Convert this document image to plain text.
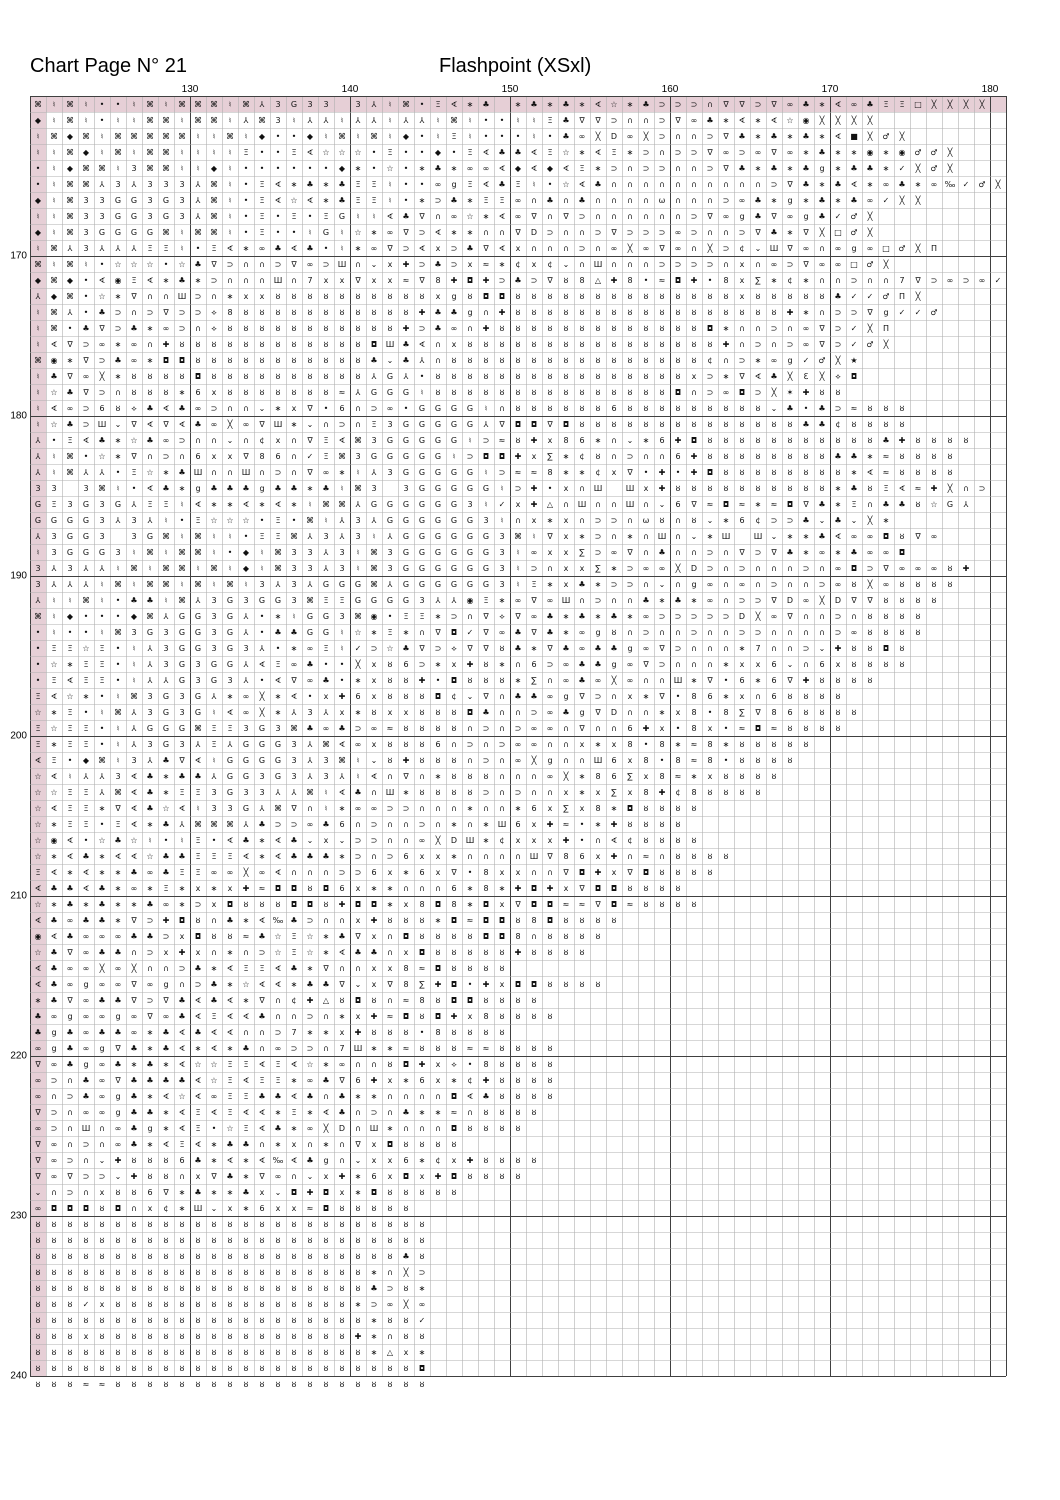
Chart Page N° 21	Flashpoint (XSxl)
130	140	150	160	170	180
170
180
190
200
210
220
230
240
⌘ ♮ ⌘ ♮ • • ♮ ⌘ ♮ ⌘ ⌘ ⌘ ♮ ⌘ ⅄ 3 G 3 3	3 ⅄ ♮ ⌘ • Ξ ∢ ∗ ♣	∗ ♣ ∗ ♣ ∗ ∢ ☆ ∗ ♣ ⊃ ⊃ ⊃ ∩ ∇ ∇ ⊃ ∇ ∞ ♣ ∗ ∢ ∞ ♣ Ξ Ξ □ ╳ ╳ ╳ ╳
◆ ♮ ⌘ ♮ • ♮ ♮ ⌘ ⌘ ♮ ⌘ ⌘ ♮ ⅄ ⌘ 3 ♮ ⅄ ⅄ ♮ ⅄ ⅄ ♮ ⅄ ⅄ ♮ ⌘ ♮ • • ♮ ♮ Ξ ♣ ∇ ∇ ⊃ ∩ ∩ ⊃ ∇ ∞ ♣ ∗ ∢ ∗ ∢ ☆ ◉ ╳ ╳ ╳ ╳
♮ ⌘ ◆ ⌘ ♮ ⌘ ⌘ ⌘ ⌘ ⌘ ♮ ♮ ⌘ ♮ ◆ • • ◆ ♮ ⌘ ♮ ⌘ ♮ ◆ • ♮ Ξ ♮ • • • ♮ • ♣ ∞ ╳ D ∞ ╳ ⊃ ∩ ∩ ⊃ ∇ ♣ ∗ ♣ ∗ ♣ ∗ ∢ ■ ╳ ♂ ╳
♮ ♮ ⌘ ◆ ♮ ⌘ ♮ ⌘ ⌘ ♮ ♮ ♮ ♮ Ξ • • Ξ ∢ ☆ ☆ ☆ • Ξ • • ◆ • Ξ ∢ ♣ ♣ ∢ Ξ ☆ ∗ ∢ Ξ ∗ ⊃ ∩ ⊃ ⊃ ∇ ∞ ⊃ ∞ ∇ ∞ ∗ ♣ ∗ ∗ ◉ ∗ ◉ ♂ ♂ ╳
• ♮ ◆ ⌘ ⌘ ♮ 3 ⌘ ⌘ ♮ ♮ ◆ ♮ • • • • • • ◆ ∗ • ☆ • ∗ ♣ ∗ ∞ ∞ ∢ ◆ ∢ ◆ ∢ Ξ ∗ ⊃ ∩ ⊃ ⊃ ∩ ∩ ⊃ ∇ ♣ ∗ ♣ ∗ ♣ g ∗ ♣ ♣ ∗ ✓ ╳ ♂ ╳
• ♮ ⌘ ⌘ ⅄ 3 ⅄ 3 3 3 ⅄ ⌘ ♮ • Ξ ∢ ∗ ♣ ∗ ♣ Ξ Ξ ♮ • • ∞ g Ξ ∢ ♣ Ξ ♮ • ☆ ∢ ♣ ∩ ∩ ∩ ∩ ∩ ∩ ∩ ∩ ∩ ∩ ⊃ ∇ ♣ ∗ ♣ ∢ ∗ ∞ ♣ ∗ ∞ ‰ ✓ ♂ ╳
◆ ♮ ⌘ 3 3 G G 3 G 3 ⅄ ⌘ ♮ • Ξ ∢ ☆ ∢ ∗ ♣ Ξ Ξ ♮ • ∗ ⊃ ♣ ∗ Ξ Ξ ∞ ∩ ♣ ∩ ♣ ∩ ∩ ∩ ∩ ω ∩ ∩ ∩ ⊃ ∞ ♣ ∗ g ∗ ♣ ∗ ♣ ∞ ✓ ╳ ╳
♮ ♮ ⌘ 3 3 G G 3 G 3 ⅄ ⌘ ♮ • Ξ • Ξ • Ξ G ♮ ♮ ∢ ♣ ∇ ∩ ∞ ☆ ∗ ∢ ∞ ∇ ∩ ∇ ⊃ ∩ ∩ ∩ ∩ ∩ ∩ ⊃ ∇ ∞ g ♣ ∇ ∞ g ♣ ✓ ♂ ╳
◆ ♮ ⌘ 3 G G G G ⌘ ♮ ⌘ ⌘ ♮ • Ξ • • ♮ G ♮ ☆ ∗ ∞ ∇ ⊃ ∢ ∗ ∗ ∩ ∩ ∇ D ⊃ ∩ ∩ ⊃ ∇ ⊃ ⊃ ⊃ ∞ ⊃ ∩ ∩ ⊃ ∇ ♣ ∗ ∇ ╳ □ ♂ ╳
♮ ⌘ ⅄ 3 ⅄ ⅄ ⅄ Ξ Ξ ♮ • Ξ ∢ ∗ ∞ ♣ ∢ ♣ • ♮ ∗ ∞ ∇ ⊃ ∢ x ⊃ ♣ ∇ ∢ x ∩ ∩ ∩ ⊃ ∩ ∞ ╳ ∞ ∇ ∞ ∩ ╳ ⊃ ¢ ⌄ Ш ∇ ∞ ∩ ∞ g ∞ □ ♂ ╳ Π
⌘ ♮ ⌘ ♮ • ☆ ☆ ☆ • ☆ ♣ ∇ ⊃ ∩ ∩ ⊃ ∇ ∞ ⊃ Ш ∩ ⌄ x ✚ ⊃ ♣ ⊃ x ≈ ∗ ¢ x ¢ ⌄ ∩ Ш ∩ ∩ ∩ ⊃ ⊃ ⊃ ⊃ ∩ x ∩ ∞ ⊃ ∇ ∞ ∞ □ ♂ ╳
◆ ⌘ ◆ • ∢ ◉ Ξ ∢ ∗ ♣ ∗ ⊃ ∩ ∩ ∩ Ш ∩ 7 x x ∇ x x ≈ ∇ 8 ✚ ◘ ✚ ⊃ ♣ ⊃ ∇ ȣ 8 △ ✚ 8 • ≈ ◘ ✚ • 8 x ∑ ∗ ¢ ∗ ∩ ∩ ⊃ ∩ ∩ 7 ∇ ⊃ ∞ ⊃ ∞ ✓
⅄ ◆ ⌘ • ☆ ∗ ∇ ∩ ∩ Ш ⊃ ∩ ∗ x x ȣ ȣ ȣ ȣ ȣ ȣ ȣ ȣ ȣ ȣ x g ȣ ◘ ◘ ȣ ȣ ȣ ȣ ȣ ȣ ȣ ȣ ȣ ȣ ȣ ȣ ȣ ȣ x ȣ ȣ ȣ ȣ ȣ ♣ ✓ ✓ ♂ Π ╳
♮ ⌘ ⅄ • ♣ ⊃ ∩ ⊃ ∇ ⊃ ⊃ ⟡ 8 ȣ ȣ ȣ ȣ ȣ ȣ ȣ ȣ ȣ ȣ ȣ ✚ ♣ ♣ g ∩ ✚ ȣ ȣ ȣ ȣ ȣ ȣ ȣ ȣ ȣ ȣ ȣ ȣ ȣ ȣ ȣ ȣ ȣ ✚ ∗ ∩ ⊃ ⊃ ∇ g ✓ ✓ ♂
♮ ⌘ • ♣ ∇ ⊃ ♣ ∗ ∞ ⊃ ∩ ⟡ ȣ ȣ ȣ ȣ ȣ ȣ ȣ ȣ ȣ ȣ ȣ ✚ ⊃ ♣ ∞ ∩ ✚ ȣ ȣ ȣ ȣ ȣ ȣ ȣ ȣ ȣ ȣ ȣ ȣ ȣ ◘ ∗ ∩ ∩ ⊃ ∩ ∞ ∇ ⊃ ✓ ╳ Π
♮ ∢ ∇ ⊃ ∞ ∗ ∞ ∩ ✚ ȣ ȣ ȣ ȣ ȣ ȣ ȣ ȣ ȣ ȣ ȣ ȣ ◘ Ш ♣ ∢ ∩ x ȣ ȣ ȣ ȣ ȣ ȣ ȣ ȣ ȣ ȣ ȣ ȣ ȣ ȣ ȣ ȣ ✚ ∩ ⊃ ∩ ⊃ ∞ ∇ ⊃ ✓ ♂ ╳
⌘ ◉ ∗ ∇ ⊃ ♣ ∞ ∗ ◘ ◘ ȣ ȣ ȣ ȣ ȣ ȣ ȣ ȣ ȣ ȣ ȣ ♣ ⌄ ♣ ⅄ ∩ ȣ ȣ ȣ ȣ ȣ ȣ ȣ ȣ ȣ ȣ ȣ ȣ ȣ ȣ ȣ ȣ ¢ ∩ ⊃ ∗ ∞ g ✓ ♂ ╳ ★
♮ ♣ ∇ ∞ ╳ ∗ ȣ ȣ ȣ ȣ ◘ ȣ ȣ ȣ ȣ ȣ ȣ ȣ ȣ ȣ ȣ ⅄ G ⅄ • ȣ ȣ ȣ ȣ ȣ ȣ ȣ ȣ ȣ ȣ ȣ ȣ ȣ ȣ ȣ ȣ x ⊃ ∗ ∇ ∢ ♣ ╳ ℇ ╳ ⟡ ◘
♮ ☆ ♣ ∇ ⊃ ∩ ȣ ȣ ȣ ∗ 6 x ȣ ȣ ȣ ȣ ȣ ȣ ȣ ≈ ⅄ G G G ♮ ȣ ȣ ȣ ȣ ȣ ȣ ȣ ȣ ȣ ȣ ȣ ȣ ȣ ȣ ȣ ◘ ∩ ⊃ ∞ ◘ ⊃ ╳ ✶ ✚ ȣ ȣ
♮ ∢ ∞ ⊃ 6 ȣ ⟡ ♣ ∢ ♣ ∞ ⊃ ∩ ∩ ⌄ ∗ x ∇ • 6 ∩ ⊃ ∞ • G G G G ♮ ∩ ȣ ȣ ȣ ȣ ȣ ȣ 6 ȣ ȣ ȣ ȣ ȣ ȣ ȣ ȣ ȣ ⌄ ♣ • ♣ ⊃ ≈ ȣ ȣ ȣ
♮ ☆ ♣ ⊃ Ш ⌄ ∇ ∢ ∇ ∢ ♣ ∞ ╳ ∞ ∇ Ш ∗ ⌄ ∩ ⊃ ∩ Ξ 3 G G G G G ⅄ ∇ ◘ ◘ ∇ ◘ ȣ ȣ ȣ ȣ ȣ ȣ ȣ ȣ ȣ ȣ ȣ ȣ ȣ ȣ ♣ ♣ ¢ ȣ ȣ ȣ ȣ
⅄ • Ξ ∢ ♣ ∗ ☆ ♣ ∞ ⊃ ∩ ∩ ⌄ ∩ ¢ x ∩ ∇ Ξ ∢ ⌘ 3 G G G G G ♮ ⊃ ≈ ȣ ✚ x 8 6 ∗ ∩ ⌄ ∗ 6 ✚ ◘ ȣ ȣ ȣ ȣ ȣ ȣ ȣ ȣ ȣ ȣ ȣ ♣ ✚ ȣ ȣ ȣ ȣ
⅄ ♮ ⌘ • ☆ ∗ ∇ ∩ ⊃ ∩ 6 x x ∇ 8 6 ∩ ✓ Ξ ⌘ 3 G G G G G ♮ ⊃ ◘ ◘ ✚ x ∑ ∗ ¢ ȣ ∩ ⊃ ∩ ∩ 6 ✚ ȣ ȣ ȣ ȣ ȣ ȣ ȣ ȣ ♣ ♣ ∗ ≈ ȣ ȣ ȣ ȣ
⅄ ♮ ⌘ ⅄ ⅄ • Ξ ☆ ∗ ♣ Ш ∩ ∩ Ш ∩ ⊃ ∩ ∇ ∞ ∗ ♮ ⅄ 3 G G G G G ♮ ⊃ ≈ ≈ 8 ∗ ∗ ¢ x ∇ • ✚ • ✚ ◘ ȣ ȣ ȣ ȣ ȣ ȣ ȣ ȣ ∗ ∢ ≈ ȣ ȣ ȣ ȣ
3 3	3 ⌘ ♮ • ∢ ♣ ∗ g ♣ ♣ ♣ g ♣ ♣ ∗ ♣ ♮ ⌘ 3	3 G G G G G ♮ ⊃ ✚ • x ∩ Ш	Ш x ✚ ȣ ȣ ȣ ȣ ȣ ȣ ȣ ȣ ȣ ȣ ∗ ♣ ȣ Ξ ∢ ≈ ✚ ╳ ∩ ⊃
G Ξ 3 G 3 G ⅄ Ξ Ξ ♮ ∢ ∗ ∗ ∢ ∗ ∢ ∗ ♮ ⌘ ⌘ ⅄ G G G G G G 3 ♮ ✓ x ✚ △ ∩ Ш ∩ ∩ Ш ∩ ⌄ 6 ∇ ≈ ◘ ≈ ∗ ≈ ◘ ∇ ♣ ∗ Ξ ∩ ♣ ♣ ȣ ☆ G ⅄
G G G G 3 ⅄ 3 ⅄ ♮ • Ξ ☆ ☆ ☆ • Ξ • ⌘ ♮ ⅄ 3 ⅄ G G G G G G 3 ♮ ∩ x ∗ x ∩ ⊃ ⊃ ∩ ω ȣ ∩ ȣ ⌄ ∗ 6 ¢ ⊃ ⊃ ♣ ⌄ ♣ ⌄ ╳ ∗
⅄ 3 G G 3	3 G ⌘ ♮ ⌘ ♮ ♮ • Ξ Ξ ⌘ ⅄ 3 ⅄ 3 ♮ ⅄ G G G G G G 3 ⌘ ♮ ∇ x ∗ ⊃ ∩ ∗ ∩ Ш ∩ ⌄ ∗ Ш	Ш ⌄ ∗ ∗ ♣ ∢ ∞ ∞ ◘ ȣ ∇ ∞
♮ 3 G G G 3 ♮ ⌘ ♮ ⌘ ⌘ ♮ • ◆ ♮ ⌘ 3 3 ⅄ 3 ♮ ⌘ 3 G G G G G G 3 ♮ ∞ x x ∑ ⊃ ∞ ∇ ∩ ♣ ∩ ∩ ⊃ ∩ ∇ ⊃ ∇ ♣ ∗ ∞ ∗ ♣ ∞ ∞ ◘
3 ⅄ 3 ⅄ ⅄ ♮ ⌘ ♮ ⌘ ⌘ ♮ ⌘ ♮ ◆ ♮ ⌘ 3 3 ⅄ 3 ♮ ⌘ 3 G G G G G G 3 ♮ ⊃ ∩ x x ∑ ∗ ⊃ ∞ ∞ ╳ D ⊃ ∩ ⊃ ∩ ∩ ∩ ⊃ ∩ ∞ ◘ ⊃ ∇ ∞ ∞ ∞ ȣ ✚
3 ⅄ ⅄ ⅄ ♮ ⌘ ♮ ⌘ ⌘ ♮ ⌘ ♮ ⌘ ♮ 3 ⅄ 3 ⅄ G G G ⌘ ⅄ G G G G G G 3 ♮ Ξ ∗ x ♣ ∗ ⊃ ⊃ ∩ ⌄ ∩ g ∞ ∩ ∞ ∩ ⊃ ∩ ∩ ⊃ ∞ ȣ ╳ ∞ ȣ ȣ ȣ ȣ
⅄ ♮ ♮ ⌘ ♮ • ♣ ♣ ♮ ⌘ ⅄ 3 G 3 G G 3 ⌘ Ξ Ξ G G G G 3 ⅄ ⅄ ◉ Ξ ∗ ∞ ∇ ∞ Ш ∩ ⊃ ∩ ∩ ♣ ∗ ♣ ∗ ∞ ∩ ⊃ ⊃ ∇ D ∞ ╳ D ∇ ∇ ȣ ȣ ȣ ȣ
⌘ ♮ ◆ • • • ◆ ⌘ ⅄ G G 3 G ⅄ • ∗ ♮ G G 3 ⌘ ◉ • Ξ Ξ ∗ ⊃ ∩ ∇ ⟡ ∇ ∞ ♣ ∗ ♣ ∗ ♣ ∗ ∞ ⊃ ⊃ ⊃ ⊃ ⊃ D ╳ ∞ ∇ ∩ ∩ ⊃ ∩ ȣ ȣ ȣ ȣ
• ♮ • • ♮ ⌘ 3 G 3 G G 3 G ⅄ • ♣ ♣ G G ♮ ☆ ∗ Ξ ∗ ∩ ∇ ◘ ✓ ∇ ∞ ♣ ∇ ♣ ∗ ∞ g ȣ ∩ ⊃ ∩ ∩ ⊃ ∩ ∩ ⊃ ⊃ ∩ ∩ ∩ ∩ ⊃ ∞ ȣ ȣ ȣ ȣ
• Ξ Ξ ☆ Ξ • ♮ ⅄ 3 G G 3 G 3 ⅄ • ∗ ∞ Ξ ♮ ✓ ⊃ ☆ ♣ ∇ ⊃ ⟡ ∇ ∇ ȣ ♣ ∗ ∇ ♣ ∞ ♣ ♣ g ∞ ∇ ⊃ ∩ ∩ ∩ ∗ 7 ∩ ∩ ⊃ ⌄ ✚ ȣ ȣ ◘ ȣ
• ☆ ∗ Ξ Ξ • ♮ ⅄ 3 G 3 G G ⅄ ∢ Ξ ∞ ♣ • • ╳ x ȣ 6 ⊃ ∗ x ✚ ȣ ∗ ∩ 6 ⊃ ∞ ♣ ♣ g ∞ ∇ ⊃ ∩ ∩ ∩ ∗ x x 6 ⌄ ∩ 6 x ȣ ȣ ȣ ȣ
• Ξ ∢ Ξ Ξ • ♮ ⅄ ⅄ G 3 G 3 ⅄ • ∢ ∇ ∞ ♣ • ∗ x ȣ ȣ ✚ • ◘ ȣ ȣ ȣ ∗ ∑ ∩ ∞ ♣ ∞ ╳ ∞ ∩ ∩ Ш ∗ ∇ • 6 ∗ 6 ∇ ✚ ȣ ȣ ȣ ȣ
Ξ ∢ ☆ ∗ • ♮ ⌘ 3 G 3 G ⅄ ∗ ∞ ╳ ∗ ∢ • x ✚ 6 x ȣ ȣ ȣ ◘ ¢ ⌄ ∇ ∩ ♣ ♣ ∞ g ∇ ⊃ ∩ x ∗ ∇ • 8 6 ∗ x ∩ 6 ȣ ȣ ȣ ȣ
☆ ∗ Ξ • ♮ ⌘ ⅄ 3 G 3 G ♮ ∢ ∞ ╳ ∗ ⅄ 3 ⅄ x ∗ ȣ x x ȣ ȣ ȣ ◘ ♣ ∩ ∩ ⊃ ∞ ♣ g ∇ D ∩ ∩ ∗ x 8 • 8 ∑ ∇ 8 6 ȣ ȣ ȣ ȣ
Ξ ☆ Ξ Ξ • ♮ ⅄ G G G ⌘ Ξ Ξ 3 G 3 ⌘ ♣ ∞ ♣ ⊃ ∞ ≈ ȣ ȣ ȣ ȣ ∩ ⊃ ∩ ⊃ ∞ ∞ ∩ ∇ ∩ ∩ 6 ✚ x • 8 x • ≈ ◘ ≈ ȣ ȣ ȣ ȣ
Ξ ∗ Ξ Ξ • ♮ ⅄ 3 G 3 ⅄ Ξ ⅄ G G G 3 ⅄ ⌘ ∢ ∞ x ȣ ȣ ȣ 6 ∩ ⊃ ∩ ⊃ ∞ ∞ ∩ ∩ x ∗ x 8 • 8 ∗ ≈ 8 ∗ ȣ ȣ ȣ ȣ ȣ
∢ Ξ • ◆ ⌘ ♮ 3 ⅄ ♣ ∇ ∢ ♮ G G G G 3 ⅄ 3 ⌘ ♮ ⌄ ȣ ✚ ȣ ȣ ȣ ∩ ⊃ ∩ ∞ ╳ g ∩ ∩ Ш 6 x 8 • 8 ≈ 8 • ȣ ȣ ȣ ȣ
☆ ∢ ♮ ⅄ ⅄ 3 ∢ ♣ ∗ ♣ ♣ ⅄ G G 3 G 3 ⅄ 3 ⅄ ♮ ∢ ∩ ∇ ∩ ∗ ȣ ȣ ȣ ∩ ∩ ∩ ∞ ╳ ∗ 8 6 ∑ x 8 ≈ ∗ x ȣ ȣ ȣ ȣ
☆ ☆ Ξ Ξ ⅄ ⌘ ∢ ♣ ∗ Ξ Ξ 3 G 3 3 ⅄ ⅄ ⌘ ♮ ∢ ♣ ∩ Ш ∗ ȣ ȣ ȣ ȣ ⊃ ∩ ⊃ ∩ ∩ x ∗ x ∑ x 8 ✚ ¢ 8 ȣ ȣ ȣ ȣ
☆ ∢ Ξ Ξ ∗ ∇ ∢ ♣ ☆ ∢ ♮ 3 3 G ⅄ ⌘ ∇ ∩ ♮ ∗ ∞ ∞ ⊃ ⊃ ∩ ∩ ∩ ∗ ∩ ∩ ∗ 6 x ∑ x 8 ∗ ◘ ȣ ȣ ȣ ȣ
☆ ∗ Ξ Ξ • Ξ ∢ ∗ ♣ ⅄ ⌘ ⌘ ⌘ ⅄ ♣ ⊃ ⊃ ∞ ♣ 6 ∩ ⊃ ∩ ∩ ⊃ ∩ ∗ ∩ ∗ Ш 6 x ✚ ≈ • ∗ ✚ ȣ ȣ ȣ ȣ
☆ ◉ ∢ • ☆ ♣ ☆ ♮ • ♮ Ξ • ∢ ♣ ∗ ∢ ♣ ⌄ x ⌄ ⊃ ⊃ ∩ ∩ ∞ ╳ D Ш ∗ ¢ x x x ✚ • ∩ ∢ ¢ ȣ ȣ ȣ ȣ
☆ ∗ ∢ ♣ ∗ ∢ ∢ ☆ ♣ ♣ Ξ Ξ Ξ ∢ ∗ ∢ ♣ ♣ ♣ ∗ ⊃ ∩ ⊃ 6 x x ∗ ∩ ∩ ∩ ∩ Ш ∇ 8 6 x ✚ ∩ ≈ ∩ ȣ ȣ ȣ ȣ
Ξ ∢ ∗ ∢ ∗ ∗ ♣ ∞ ♣ Ξ Ξ ∞ ∞ ╳ ∞ ∢ ∩ ∩ ∩ ⊃ ⊃ 6 x ∗ 6 x ∇ • 8 x x ∩ ∩ ∇ ◘ ✚ x ∇ ◘ ȣ ȣ ȣ ȣ
∢ ♣ ♣ ∢ ♣ ∗ ∞ ∗ Ξ ∗ x ∗ x ✚ ≈ ◘ ◘ ȣ ◘ 6 x ∗ ∗ ∩ ∩ ∩ 6 ∗ 8 ∗ ✚ ◘ ✚ x ∇ ◘ ◘ ȣ ȣ ȣ ȣ
☆ ∗ ♣ ∗ ♣ ∗ ∗ ♣ ∞ ∗ ⊃ x ◘ ȣ ȣ ȣ ◘ ◘ ȣ ✚ ◘ ◘ ∗ x 8 ◘ 8 ∗ ◘ x ∇ ◘ ◘ ≈ ≈ ∇ ◘ ≈ ȣ ȣ ȣ ȣ
∢ ♣ ∞ ♣ ♣ ∗ ∇ ⊃ ✚ ◘ ȣ ∩ ♣ ∗ ∢ ‰ ♣ ⊃ ∩ ∩ x ✚ ȣ ȣ ȣ ∗ ◘ ≈ ◘ ◘ ȣ 8 ◘ ȣ ȣ ȣ ȣ
◉ ∢ ♣ ∞ ∞ ∞ ♣ ♣ ⊃ x ◘ ȣ ȣ ≈ ♣ ☆ Ξ ☆ ∗ ♣ ∇ x ∩ ◘ ȣ ȣ ȣ ȣ ◘ ◘ 8 ∩ ȣ ȣ ȣ ȣ
☆ ♣ ∇ ∞ ♣ ♣ ∩ ⊃ x ✚ x ∩ ∗ ∩ ⊃ ☆ Ξ ☆ ∗ ∢ ♣ ♣ ∩ x ◘ ȣ ȣ ȣ ȣ ȣ ✚ ȣ ȣ ȣ ȣ
∢ ♣ ∞ ∞ ╳ ∞ ╳ ∩ ∩ ⊃ ♣ ∗ ∢ Ξ Ξ ∢ ♣ ∗ ∇ ∩ ∩ x x 8 ≈ ◘ ȣ ȣ ȣ ȣ
∢ ♣ ∞ g ∞ ∞ ∇ ∞ g ∩ ⊃ ♣ ∗ ☆ ∢ ∢ ∗ ♣ ♣ ∇ ⌄ x ∇ 8 ∑ ✚ ◘ • ✚ x ◘ ◘ ȣ ȣ ȣ ȣ
∗ ♣ ∇ ∞ ♣ ♣ ∇ ⊃ ∇ ♣ ∢ ♣ ∢ ∗ ∇ ∩ ¢ ✚ △ ȣ ◘ ȣ ∩ ≈ 8 ȣ ◘ ◘ ȣ ȣ ȣ ȣ
♣ ∞ g ∞ ∞ g ∞ ∇ ∞ ♣ ∢ Ξ ∢ ∢ ♣ ∩ ∩ ⊃ ∩ ∗ x ✚ ≈ ◘ ȣ ◘ ✚ x 8 ȣ ȣ ȣ ȣ
♣ g ♣ ∞ ♣ ♣ ∞ ∗ ♣ ∢ ♣ ∢ ∢ ∩ ∩ ⊃ 7 ∗ ∗ x ✚ ȣ ȣ ȣ • 8 ȣ ȣ ȣ ȣ
∞ g ♣ ∞ g ∇ ♣ ∗ ♣ ∢ ∗ ∢ ∗ ♣ ∩ ∞ ⊃ ⊃ ∩ 7 Ш ∗ ∗ ≈ ȣ ȣ ȣ ≈ ≈ ȣ ȣ ȣ ȣ
∇ ∞ ♣ g ∞ ♣ ∗ ♣ ∗ ∢ ☆ ☆ Ξ Ξ ∢ Ξ ∢ ☆ ∗ ∞ ∩ ∩ ȣ ◘ ✚ x ⟡ • 8 ȣ ȣ ȣ ȣ
∞ ⊃ ∩ ♣ ∞ ∇ ♣ ♣ ♣ ♣ ∢ ☆ Ξ ∢ Ξ Ξ ∗ ∞ ♣ ∇ 6 ✚ x ∗ 6 x ∗ ¢ ✚ ȣ ȣ ȣ ȣ
∞ ∩ ⊃ ♣ ∞ g ♣ ∗ ∢ ☆ ∢ ∞ Ξ Ξ ♣ ♣ ∢ ♣ ∩ ♣ ∗ ∗ ∩ ∩ ∩ ∩ ◘ ∢ ♣ ȣ ȣ ȣ ȣ
∇ ⊃ ∩ ∞ ∞ g ♣ ♣ ∗ ∢ Ξ ∢ Ξ ∢ ∢ ∗ Ξ ∗ ∢ ♣ ∩ ⊃ ∩ ♣ ∗ ∗ ≈ ∩ ȣ ȣ ȣ ȣ
∞ ⊃ ∩ Ш ∩ ∞ ♣ g ∗ ∢ Ξ • ☆ Ξ ∢ ♣ ∗ ∞ ╳ D ∩ Ш ∗ ∩ ∩ ∩ ◘ ȣ ȣ ȣ ȣ
∇ ∞ ∩ ⊃ ∩ ∞ ♣ ∗ ∢ Ξ ∢ ∗ ♣ ♣ ∩ ∗ x ∩ ∗ ∩ ∇ x ◘ ȣ ȣ ȣ ȣ
∇ ∞ ⊃ ∩ ⌄ ✚ ȣ ȣ ȣ 6 ♣ ∗ ∢ ∗ ∢ ‰ ∢ ♣ g ∩ ⌄ x x 6 ∗ ¢ x ✚ ȣ ȣ ȣ ȣ
∇ ∞ ∇ ⊃ ⊃ ⌄ ✚ ȣ ȣ ∩ x ∇ ♣ ∗ ∇ ∞ ∩ ⌄ x ✚ ∗ 6 x ◘ x ✚ ◘ ȣ ȣ ȣ ȣ
⌄ ∩ ⊃ ∩ x ȣ ȣ 6 ∇ ∗ ♣ ∗ ∗ ♣ x ⌄ ◘ ✚ ◘ x ∗ ◘ ȣ ȣ ȣ ȣ ȣ
∞ ◘ ◘ ◘ ȣ ◘ ∩ x ¢ ∗ Ш ⌄ x ∗ 6 x x ≈ ◘ ȣ ȣ ȣ ȣ ȣ
ȣ ȣ ȣ ȣ ȣ ȣ ȣ ȣ ȣ ȣ ȣ ȣ ȣ ȣ ȣ ȣ ȣ ȣ ȣ ȣ ȣ ȣ ȣ ȣ ȣ
ȣ ȣ ȣ ȣ ȣ ȣ ȣ ȣ ȣ ȣ ȣ ȣ ȣ ȣ ȣ ȣ ȣ ȣ ȣ ȣ ȣ ȣ ȣ ȣ ȣ
ȣ ȣ ȣ ȣ ȣ ȣ ȣ ȣ ȣ ȣ ȣ ȣ ȣ ȣ ȣ ȣ ȣ ȣ ȣ ȣ ȣ ȣ ȣ ♣ ȣ
ȣ ȣ ȣ ȣ ȣ ȣ ȣ ȣ ȣ ȣ ȣ ȣ ȣ ȣ ȣ ȣ ȣ ȣ ȣ ȣ ȣ ∗ ∩ ╳ ⊃
ȣ ȣ ȣ ȣ ȣ ȣ ȣ ȣ ȣ ȣ ȣ ȣ ȣ ȣ ȣ ȣ ȣ ȣ ȣ ȣ ȣ ♣ ⊃ ȣ ∗
ȣ ȣ ȣ ✓ x ȣ ȣ ȣ ȣ ȣ ȣ ȣ ȣ ȣ ȣ ȣ ȣ ȣ ȣ ȣ ∗ ⊃ ∞ ╳ ∞
ȣ ȣ ȣ ȣ ȣ ȣ ȣ ȣ ȣ ȣ ȣ ȣ ȣ ȣ ȣ ȣ ȣ ȣ ȣ ȣ ȣ ∗ ȣ ȣ ✓
ȣ ȣ ȣ x ȣ ȣ ȣ ȣ ȣ ȣ ȣ ȣ ȣ ȣ ȣ ȣ ȣ ȣ ȣ ȣ ✚ ∗ ∩ ȣ ȣ
ȣ ȣ ȣ ȣ ȣ ȣ ȣ ȣ ȣ ȣ ȣ ȣ ȣ ȣ ȣ ȣ ȣ ȣ ȣ ȣ ȣ ∗ △ x ∗
ȣ ȣ ȣ ȣ ȣ ȣ ȣ ȣ ȣ ȣ ȣ ȣ ȣ ȣ ȣ ȣ ȣ ȣ ȣ ȣ ȣ ȣ ȣ ȣ ◘
ȣ ȣ ȣ ≈ ≈ ȣ ȣ ȣ ȣ ȣ ȣ ȣ ȣ ȣ ȣ ȣ ȣ ȣ ȣ ȣ ȣ ȣ ȣ ȣ ȣ
